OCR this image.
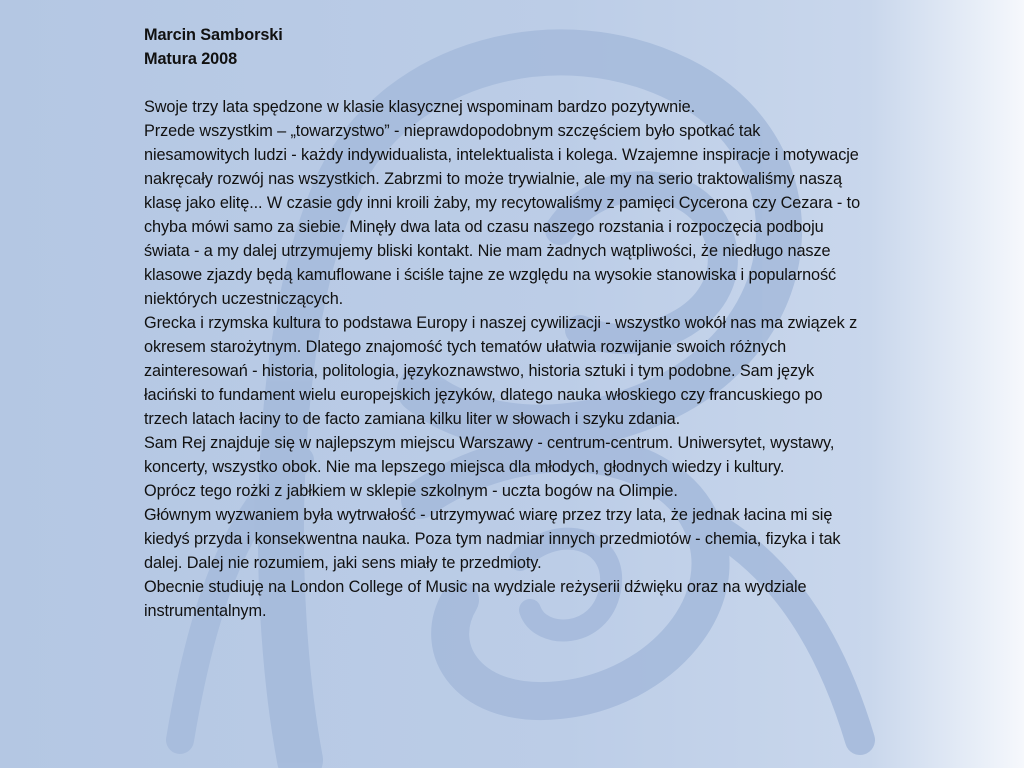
Marcin Samborski
Matura 2008

Swoje trzy lata spędzone w klasie klasycznej wspominam bardzo pozytywnie.

Przede wszystkim – „towarzystwo” - nieprawdopodobnym szczęściem było spotkać tak niesamowitych ludzi - każdy indywidualista, intelektualista i kolega. Wzajemne inspiracje i motywacje nakręcały rozwój nas wszystkich. Zabrzmi to może trywialnie, ale my na serio traktowaliśmy naszą klasę jako elitę... W czasie gdy inni kroili żaby, my recytowaliśmy z pamięci Cycerona czy Cezara - to chyba mówi samo za siebie. Minęły dwa lata od czasu naszego rozstania i rozpoczęcia podboju świata - a my dalej utrzymujemy bliski kontakt. Nie mam żadnych wątpliwości, że niedługo nasze klasowe zjazdy będą kamuflowane i ściśle tajne ze względu na wysokie stanowiska i popularność niektórych uczestniczących.

Grecka i rzymska kultura to podstawa Europy i naszej cywilizacji - wszystko wokół nas ma związek z okresem starożytnym. Dlatego znajomość tych tematów ułatwia rozwijanie swoich różnych zainteresowań - historia, politologia, językoznawstwo, historia sztuki i tym podobne. Sam język łaciński to fundament wielu europejskich języków, dlatego nauka włoskiego czy francuskiego po trzech latach łaciny to de facto zamiana kilku liter w słowach i szyku zdania.

Sam Rej znajduje się w najlepszym miejscu Warszawy - centrum-centrum. Uniwersytet, wystawy, koncerty, wszystko obok. Nie ma lepszego miejsca dla młodych, głodnych wiedzy i kultury.

Oprócz tego rożki z jabłkiem w sklepie szkolnym - uczta bogów na Olimpie.

Głównym wyzwaniem była wytrwałość - utrzymywać wiarę przez trzy lata, że jednak łacina mi się kiedyś przyda i konsekwentna nauka. Poza tym nadmiar innych przedmiotów - chemia, fizyka i tak dalej. Dalej nie rozumiem, jaki sens miały te przedmioty.

Obecnie studiuję na London College of Music na wydziale reżyserii dźwięku oraz na wydziale instrumentalnym.
